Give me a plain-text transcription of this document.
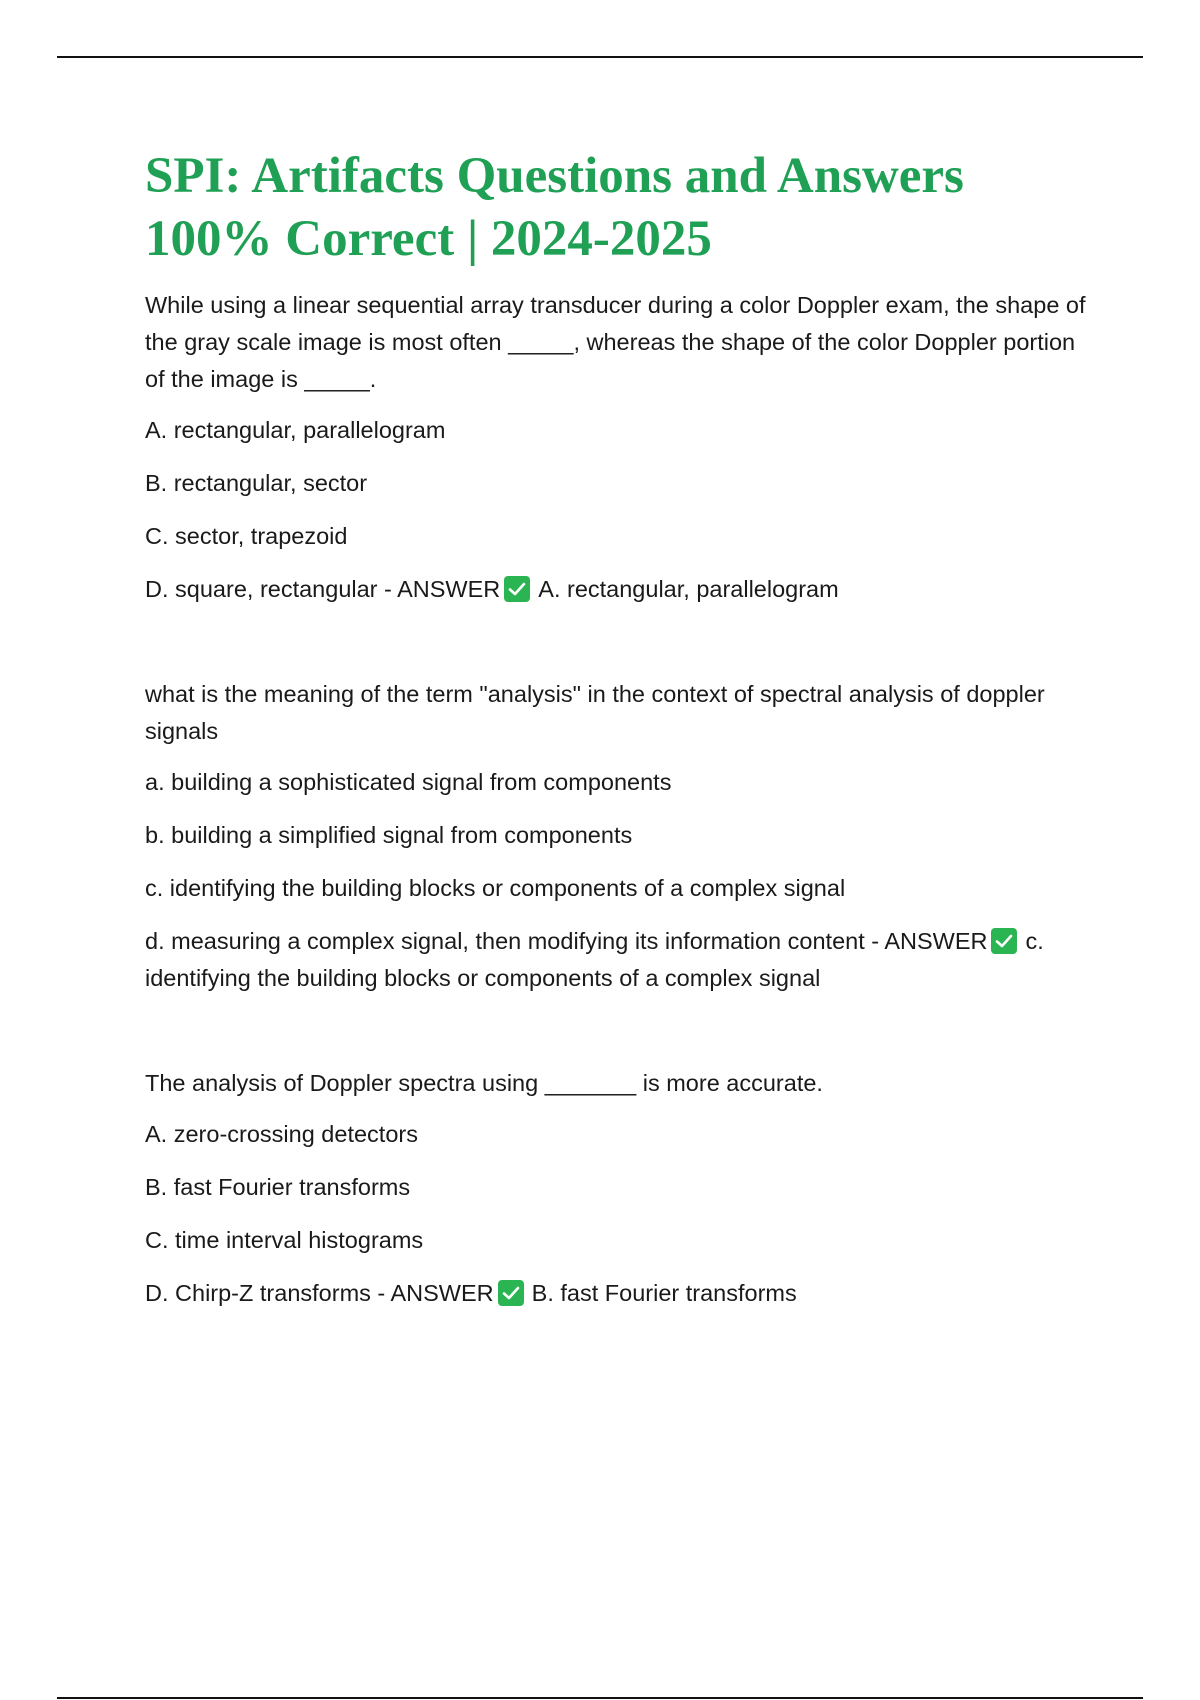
SPI: Artifacts Questions and Answers 100% Correct | 2024-2025

While using a linear sequential array transducer during a color Doppler exam, the shape of the gray scale image is most often _____, whereas the shape of the color Doppler portion of the image is _____.

A. rectangular, parallelogram

B. rectangular, sector

C. sector, trapezoid

D. square, rectangular - ANSWER A. rectangular, parallelogram

what is the meaning of the term "analysis" in the context of spectral analysis of doppler signals

a. building a sophisticated signal from components

b. building a simplified signal from components

c. identifying the building blocks or components of a complex signal

d. measuring a complex signal, then modifying its information content - ANSWER c. identifying the building blocks or components of a complex signal

The analysis of Doppler spectra using _______ is more accurate.

A. zero-crossing detectors

B. fast Fourier transforms

C. time interval histograms

D. Chirp-Z transforms - ANSWER B. fast Fourier transforms
